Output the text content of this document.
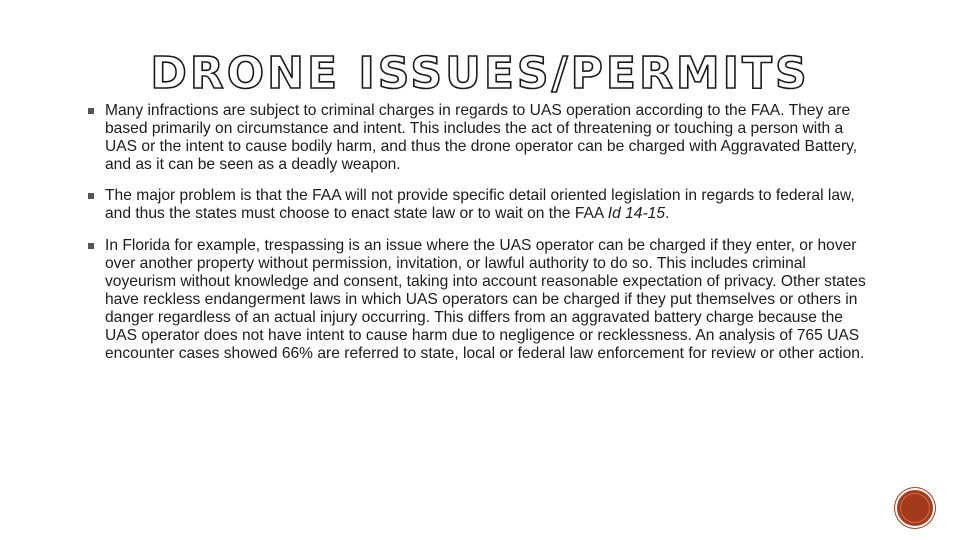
DRONE ISSUES/PERMITS
Many infractions are subject to criminal charges in regards to UAS operation according to the FAA. They are based primarily on circumstance and intent. This includes the act of threatening or touching a person with a UAS or the intent to cause bodily harm, and thus the drone operator can be charged with Aggravated Battery, and as it can be seen as a deadly weapon.
The major problem is that the FAA will not provide specific detail oriented legislation in regards to federal law, and thus the states must choose to enact state law or to wait on the FAA Id 14-15.
In Florida for example, trespassing is an issue where the UAS operator can be charged if they enter, or hover over another property without permission, invitation, or lawful authority to do so. This includes criminal voyeurism without knowledge and consent, taking into account reasonable expectation of privacy. Other states have reckless endangerment laws in which UAS operators can be charged if they put themselves or others in danger regardless of an actual injury occurring. This differs from an aggravated battery charge because the UAS operator does not have intent to cause harm due to negligence or recklessness. An analysis of 765 UAS encounter cases showed 66% are referred to state, local or federal law enforcement for review or other action.
